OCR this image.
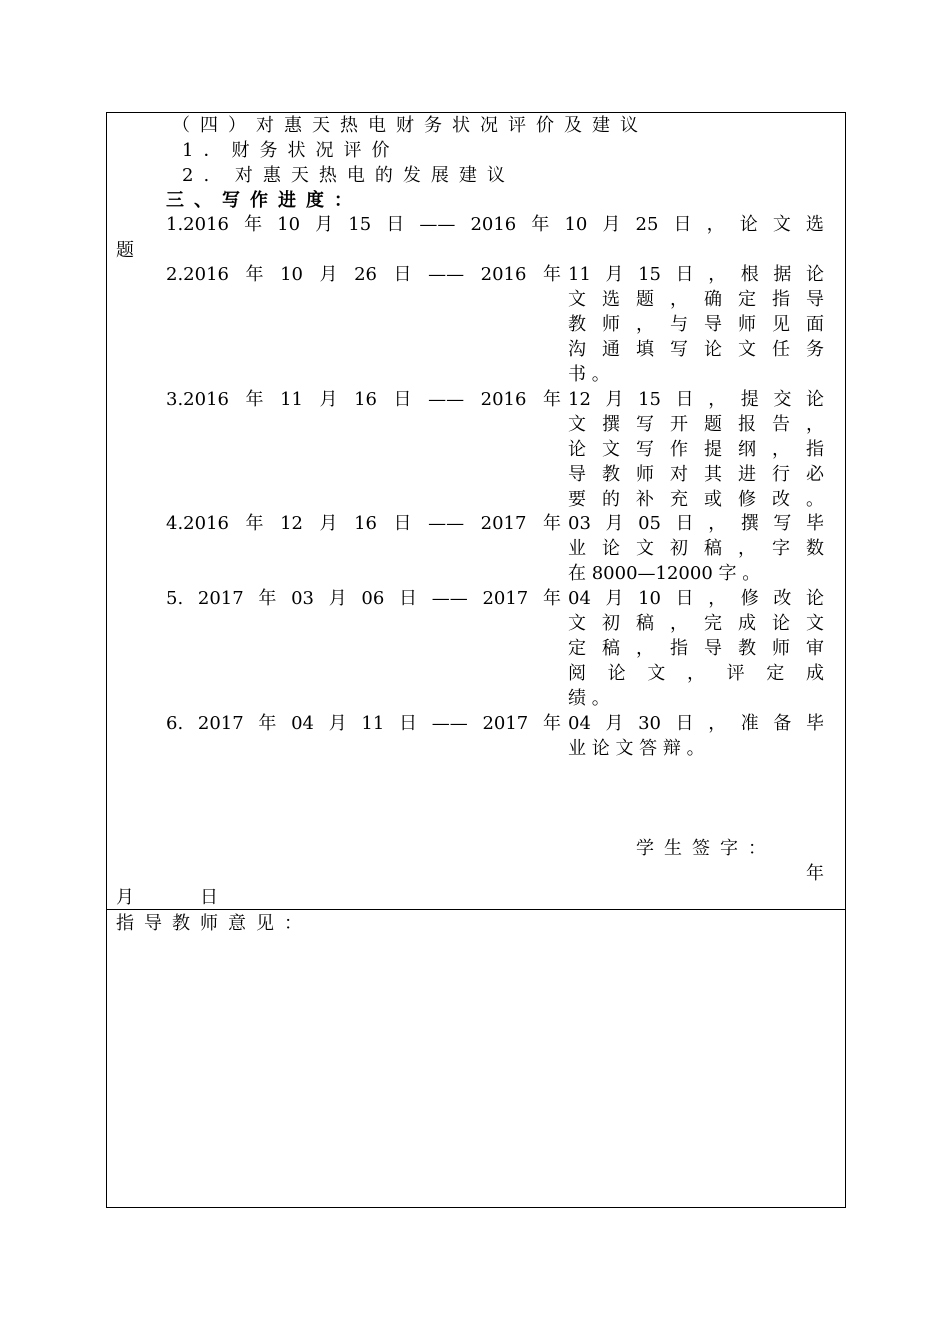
（四）对惠天热电财务状况评价及建议
1．财务状况评价
2. 对惠天热电的发展建议
三、写作进度：
1.2016 年 10 月 15 日 —— 2016 年 10 月 25 日 ， 论 文 选
题
2.2016 年 10 月 26 日 —— 2016 年 11 月 15 日 ， 根 据 论
文 选 题 ， 确 定 指 导
教 师 ， 与 导 师 见 面
沟 通 填 写 论 文 任 务
书 。
3.2016 年 11 月 16 日 —— 2016 年 12 月 15 日 ， 提 交 论
文 撰 写 开 题 报 告 ，
论 文 写 作 提 纲 ， 指
导 教 师 对 其 进 行 必
要 的 补 充 或 修 改 。
4.2016 年 12 月 16 日 —— 2017 年 03 月 05 日 ， 撰 写 毕
业 论 文 初 稿 ， 字 数
在 8000—12000 字 。
5. 2017 年 03 月 06 日 —— 2017 年 04 月 10 日 ， 修 改 论
文 初 稿 ， 完 成 论 文
定 稿 ， 指 导 教 师 审
阅 论 文 ， 评 定 成
绩 。
6. 2017 年 04 月 11 日 —— 2017 年 04 月 30 日 ， 准 备 毕
业 论 文 答 辩 。
学生签字：
年
月	日
指导教师意见：
